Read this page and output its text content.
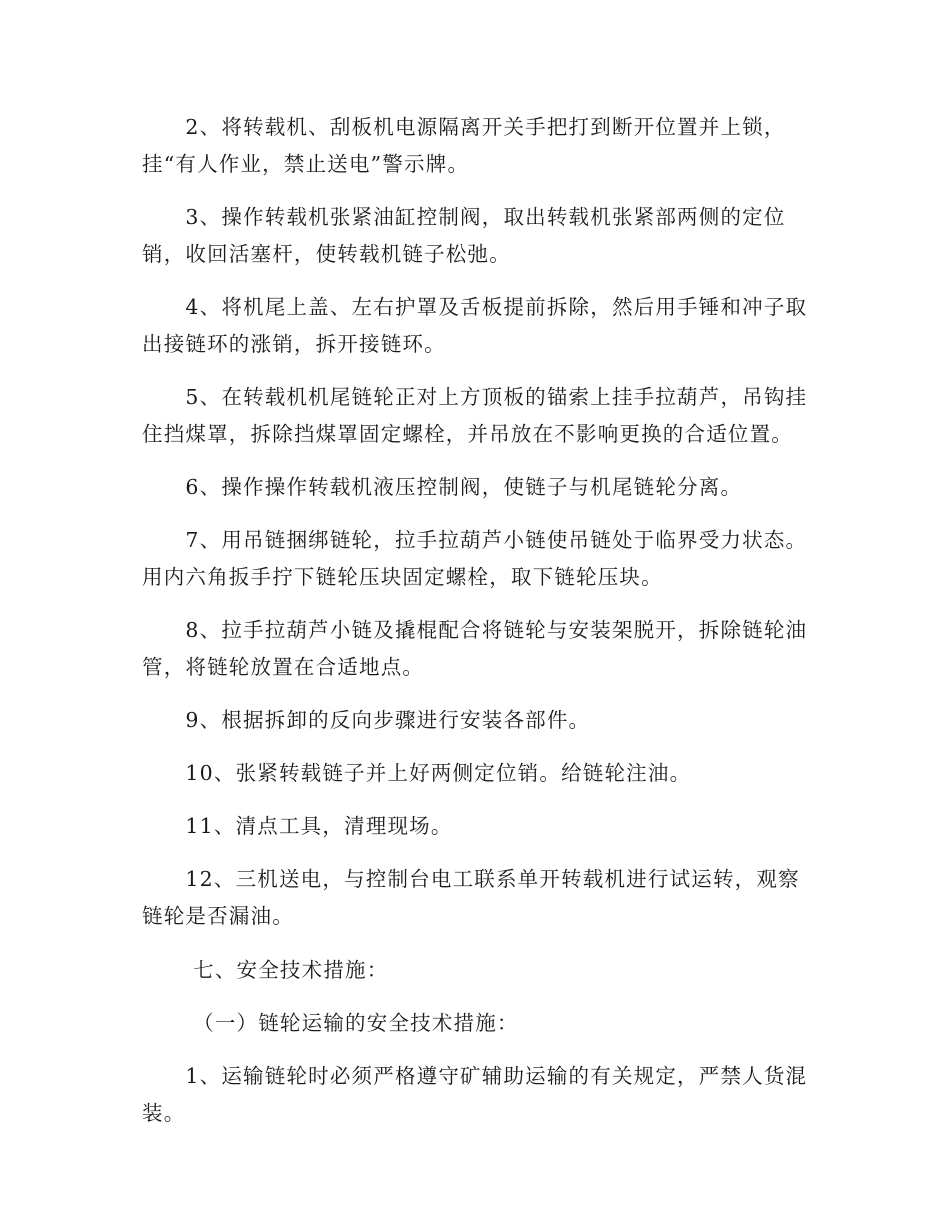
　　2、将转载机、刮板机电源隔离开关手把打到断开位置并上锁，
挂“有人作业，禁止送电”警示牌。
　　3、操作转载机张紧油缸控制阀，取出转载机张紧部两侧的定位
销，收回活塞杆，使转载机链子松弛。
　　4、将机尾上盖、左右护罩及舌板提前拆除，然后用手锤和冲子取
出接链环的涨销，拆开接链环。
　　5、在转载机机尾链轮正对上方顶板的锚索上挂手拉葫芦，吊钩挂
住挡煤罩，拆除挡煤罩固定螺栓，并吊放在不影响更换的合适位置。
　　6、操作操作转载机液压控制阀，使链子与机尾链轮分离。
　　7、用吊链捆绑链轮，拉手拉葫芦小链使吊链处于临界受力状态。
用内六角扳手拧下链轮压块固定螺栓，取下链轮压块。
　　8、拉手拉葫芦小链及撬棍配合将链轮与安装架脱开，拆除链轮油
管，将链轮放置在合适地点。
　　9、根据拆卸的反向步骤进行安装各部件。
　　10、张紧转载链子并上好两侧定位销。给链轮注油。
　　11、清点工具，清理现场。
　　12、三机送电，与控制台电工联系单开转载机进行试运转，观察
链轮是否漏油。
　　 七、安全技术措施：
　　 （一）链轮运输的安全技术措施：
　　1、运输链轮时必须严格遵守矿辅助运输的有关规定，严禁人货混
装。
